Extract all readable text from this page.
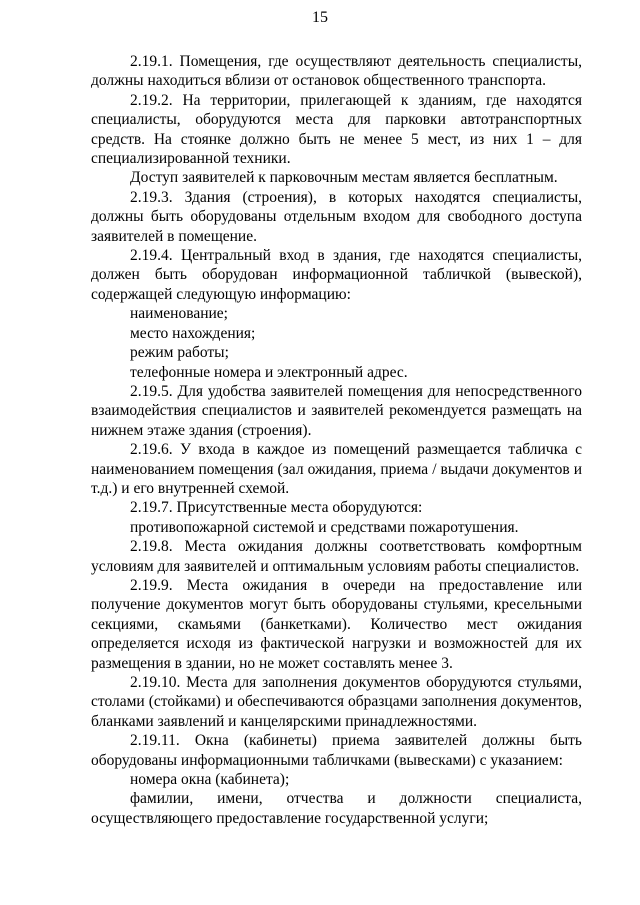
15

2.19.1. Помещения, где осуществляют деятельность специалисты, должны находиться вблизи от остановок общественного транспорта.

2.19.2. На территории, прилегающей к зданиям, где находятся специалисты, оборудуются места для парковки автотранспортных средств. На стоянке должно быть не менее 5 мест, из них 1 – для специализированной техники.

Доступ заявителей к парковочным местам является бесплатным.

2.19.3. Здания (строения), в которых находятся специалисты, должны быть оборудованы отдельным входом для свободного доступа заявителей в помещение.

2.19.4. Центральный вход в здания, где находятся специалисты, должен быть оборудован информационной табличкой (вывеской), содержащей следующую информацию:

наименование;

место нахождения;

режим работы;

телефонные номера и электронный адрес.

2.19.5. Для удобства заявителей помещения для непосредственного взаимодействия специалистов и заявителей рекомендуется размещать на нижнем этаже здания (строения).

2.19.6. У входа в каждое из помещений размещается табличка с наименованием помещения (зал ожидания, приема / выдачи документов и т.д.) и его внутренней схемой.

2.19.7. Присутственные места оборудуются:

противопожарной системой и средствами пожаротушения.

2.19.8. Места ожидания должны соответствовать комфортным условиям для заявителей и оптимальным условиям работы специалистов.

2.19.9. Места ожидания в очереди на предоставление или получение документов могут быть оборудованы стульями, кресельными секциями, скамьями (банкетками). Количество мест ожидания определяется исходя из фактической нагрузки и возможностей для их размещения в здании, но не может составлять менее 3.

2.19.10. Места для заполнения документов оборудуются стульями, столами (стойками) и обеспечиваются образцами заполнения документов, бланками заявлений и канцелярскими принадлежностями.

2.19.11. Окна (кабинеты) приема заявителей должны быть оборудованы информационными табличками (вывесками) с указанием:

номера окна (кабинета);

фамилии, имени, отчества и должности специалиста, осуществляющего предоставление государственной услуги;
